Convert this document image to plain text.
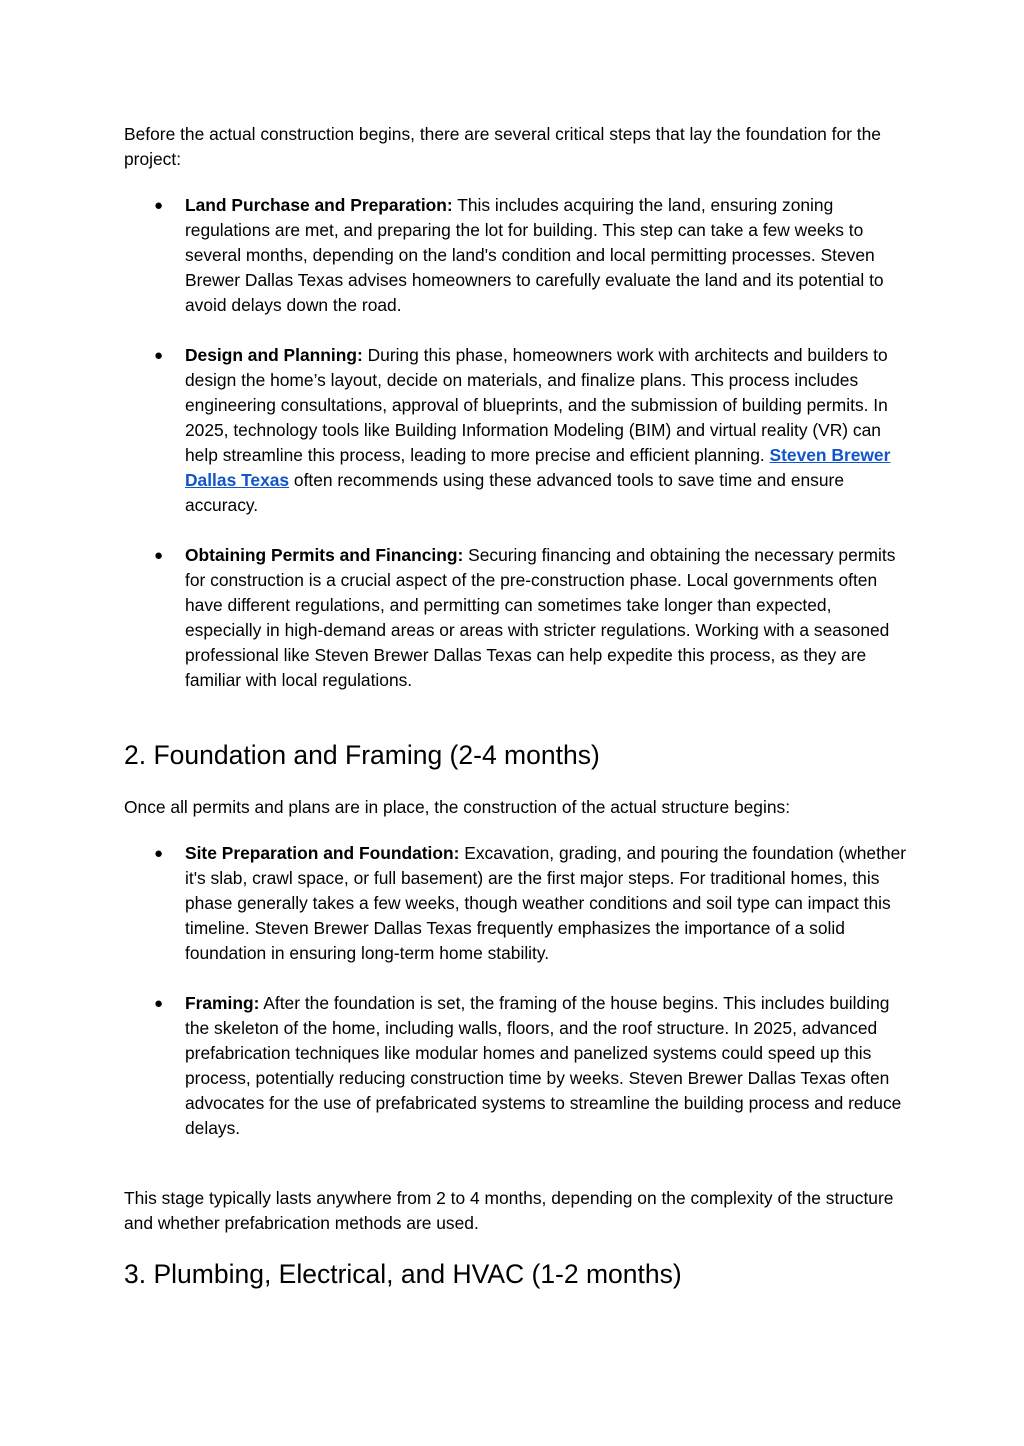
Before the actual construction begins, there are several critical steps that lay the foundation for the project:

●	Land Purchase and Preparation: This includes acquiring the land, ensuring zoning regulations are met, and preparing the lot for building. This step can take a few weeks to several months, depending on the land's condition and local permitting processes. Steven Brewer Dallas Texas advises homeowners to carefully evaluate the land and its potential to avoid delays down the road.
●	Design and Planning: During this phase, homeowners work with architects and builders to design the home’s layout, decide on materials, and finalize plans. This process includes engineering consultations, approval of blueprints, and the submission of building permits. In 2025, technology tools like Building Information Modeling (BIM) and virtual reality (VR) can help streamline this process, leading to more precise and efficient planning. Steven Brewer Dallas Texas often recommends using these advanced tools to save time and ensure accuracy.
●	Obtaining Permits and Financing: Securing financing and obtaining the necessary permits for construction is a crucial aspect of the pre-construction phase. Local governments often have different regulations, and permitting can sometimes take longer than expected, especially in high-demand areas or areas with stricter regulations. Working with a seasoned professional like Steven Brewer Dallas Texas can help expedite this process, as they are familiar with local regulations.
2. Foundation and Framing (2-4 months)

Once all permits and plans are in place, the construction of the actual structure begins:

●	Site Preparation and Foundation: Excavation, grading, and pouring the foundation (whether it's slab, crawl space, or full basement) are the first major steps. For traditional homes, this phase generally takes a few weeks, though weather conditions and soil type can impact this timeline. Steven Brewer Dallas Texas frequently emphasizes the importance of a solid foundation in ensuring long-term home stability.
●	Framing: After the foundation is set, the framing of the house begins. This includes building the skeleton of the home, including walls, floors, and the roof structure. In 2025, advanced prefabrication techniques like modular homes and panelized systems could speed up this process, potentially reducing construction time by weeks. Steven Brewer Dallas Texas often advocates for the use of prefabricated systems to streamline the building process and reduce delays.

This stage typically lasts anywhere from 2 to 4 months, depending on the complexity of the structure and whether prefabrication methods are used.

3. Plumbing, Electrical, and HVAC (1-2 months)
